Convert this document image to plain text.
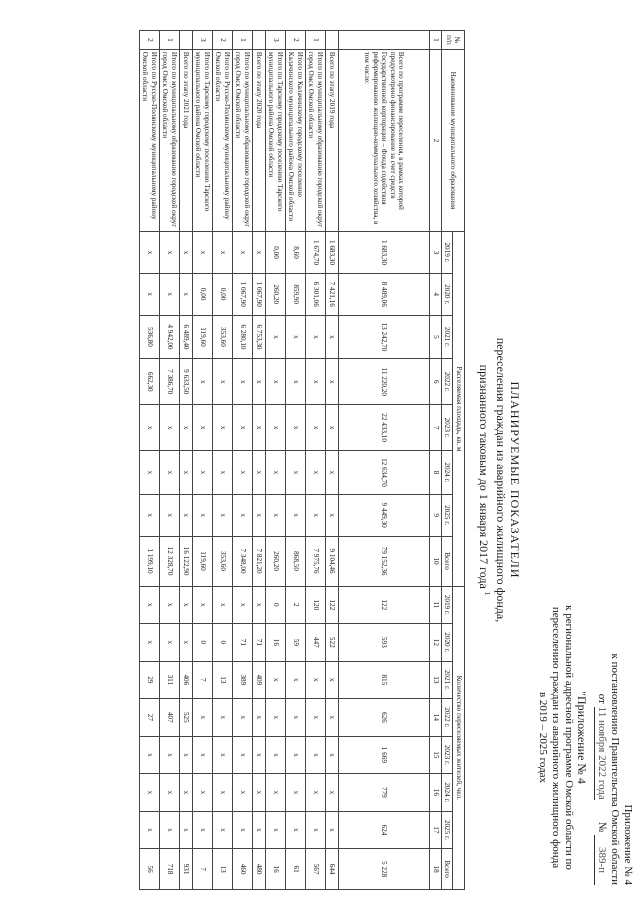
Приложение № 4
к постановлению Правительства Омской области
от 11 ноября 2022 года        № 389-п
"Приложение № 4
к региональной адресной программе Омской области по
переселению граждан из аварийного жилищного фонда
в 2019 – 2025 годах
ПЛАНИРУЕМЫЕ ПОКАЗАТЕЛИ
переселения граждан из аварийного жилищного фонда,
признанного таковым до 1 января 2017 года $^1$
№ п/п	Наименование муниципального образования	Расселяемая площадь, кв. м								Количество переселяемых жителей, чел.							
		2019 г.	2020 г.	2021 г.	2022 г.	2023 г.	2024 г.	2025 г.	Всего	2019 г.	2020 г.	2021 г.	2022 г.	2023 г.	2024 г.	2025 г.	Всего
1	2	3	4	5	6	7	8	9	10	11	12	13	14	15	16	17	18
	Всего по программе переселения, в рамках которой предусмотрено финансирование за счет средств Государственной корпорации – Фонда содействия реформированию жилищно-коммунального хозяйства, в том числе:	1 683,30	8 489,06	13 242,70	11 220,20	22 433,10	12 634,70	9 449,30	79 152,36	122	593	815	626	1 669	779	624	5 228
	Всего по этапу 2019 года	1 683,30	7 421,16	x	x	x	x	x	9 104,46	122	522	x	x	x	x	x	644
1	Итого по муниципальному образованию городской округ город Омск Омской области	1 674,70	6 301,06	x	x	x	x	x	7 975,76	120	447	x	x	x	x	x	567
2	Итого по Калачинскому городскому поселению Калачинского муниципального района Омской области	8,60	859,90	x	x	x	x	x	868,50	2	59	x	x	x	x	x	61
3	Итого по Тарскому городскому поселению Тарского муниципального района Омской области	0,00	260,20	x	x	x	x	x	260,20	0	16	x	x	x	x	x	16
	Всего по этапу 2020 года	x	1 067,90	6 753,30	x	x	x	x	7 821,20	x	71	409	x	x	x	x	480
1	Итого по муниципальному образованию городской округ город Омск Омской области	x	1 067,90	6 280,10	x	x	x	x	7 348,00	x	71	389	x	x	x	x	460
2	Итого по Русско-Полянскому муниципальному району Омской области	x	0,00	353,60	x	x	x	x	353,60	x	0	13	x	x	x	x	13
3	Итого по Тарскому городскому поселению Тарского муниципального района Омской области	x	0,00	119,60	x	x	x	x	119,60	x	0	7	x	x	x	x	7
	Всего по этапу 2021 года	x	x	6 489,40	9 633,50	x	x	x	16 122,90	x	x	406	525	x	x	x	931
1	Итого по муниципальному образованию городской округ город Омск Омской области	x	x	4 942,00	7 386,70	x	x	x	12 328,70	x	x	311	407	x	x	x	718
2	Итого по Русско-Полянскому муниципальному району Омской области	x	x	536,80	662,30	x	x	x	1 199,10	x	x	29	27	x	x	x	56
